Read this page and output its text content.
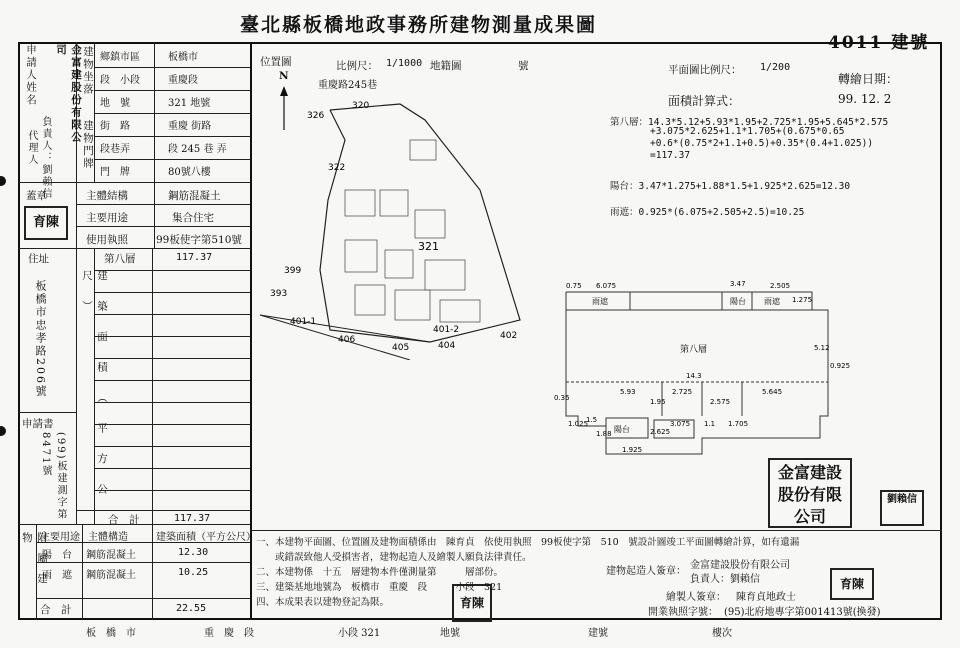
臺北縣板橋地政事務所建物測量成果圖
4011 建號
申請人姓名	金富建股份有限公司
代理人 負責人：劉賴信
建物坐落
建物門牌
鄉鎮市區	板橋市
段　小段	重慶段
地　號	321 地號
街　路	重慶 街路
段巷弄	段 245 巷 弄
門　牌	80號八樓
蓋章
育陳
主體結構	鋼筋混凝土
主要用途	集合住宅
使用執照	99板使字第510號
住址
板橋市忠孝路206號	建築面積（平方公尺）
第八層	117.37
申請書
(99)板建測字第8471號
合　計	117.37
附屬建物 主要用途 主體構造	建築面積（平方公尺）
陽　台 鋼筋混凝土	12.30
雨　遮 鋼筋混凝土	10.25
合　計	22.55
位置圖	比例尺： 1/1000 地籍圖	號
N
重慶路245巷
326
320
322
321
399
393
401-1
406
405	404
401-2
402
平面圖比例尺： 1/200
轉繪日期：
99. 12. 2
面積計算式：
第八層：14.3*5.12+5.93*1.95+2.725*1.95+5.645*2.575
+3.075*2.625+1.1*1.705+(0.675*0.65
+0.6*(0.75*2+1.1+0.5)+0.35*(0.4+1.025))
=117.37
陽台：3.47*1.275+1.88*1.5+1.925*2.625=12.30
雨遮：0.925*(6.075+2.505+2.5)=10.25
第八層
雨遮	陽台 雨遮
陽台
6.075	3.47	2.505
0.75
0.925
14.3
5.12
5.93	2.725	5.645
1.95	2.575
0.35
1.025
1.88
1.5
2.625
3.075 1.1 1.705
1.925
1.275
金富建設股份有限公司
劉賴信
育陳
育陳
一、本建物平面圖、位置圖及建物面積係由　陳育貞　依使用執照　99板使字第　510　號設計圖竣工平面圖轉繪計算，如有遺漏
　　或錯誤致他人受損害者，建物起造人及繪製人願負法律責任。
二、本建物係　十五　層建物本件僅測量第　　　層部份。
三、建築基地地號為　板橋市　重慶　段　　　小段　321
四、本成果表以建物登記為限。
建物起造人簽章：
金富建設股份有限公司
負責人：劉賴信
繪製人簽章： 陳育貞地政士
開業執照字號： (95)北府地專字第001413號(換發)
板　橋　市	重　慶　段	小段 321	地號	建號	樓次
